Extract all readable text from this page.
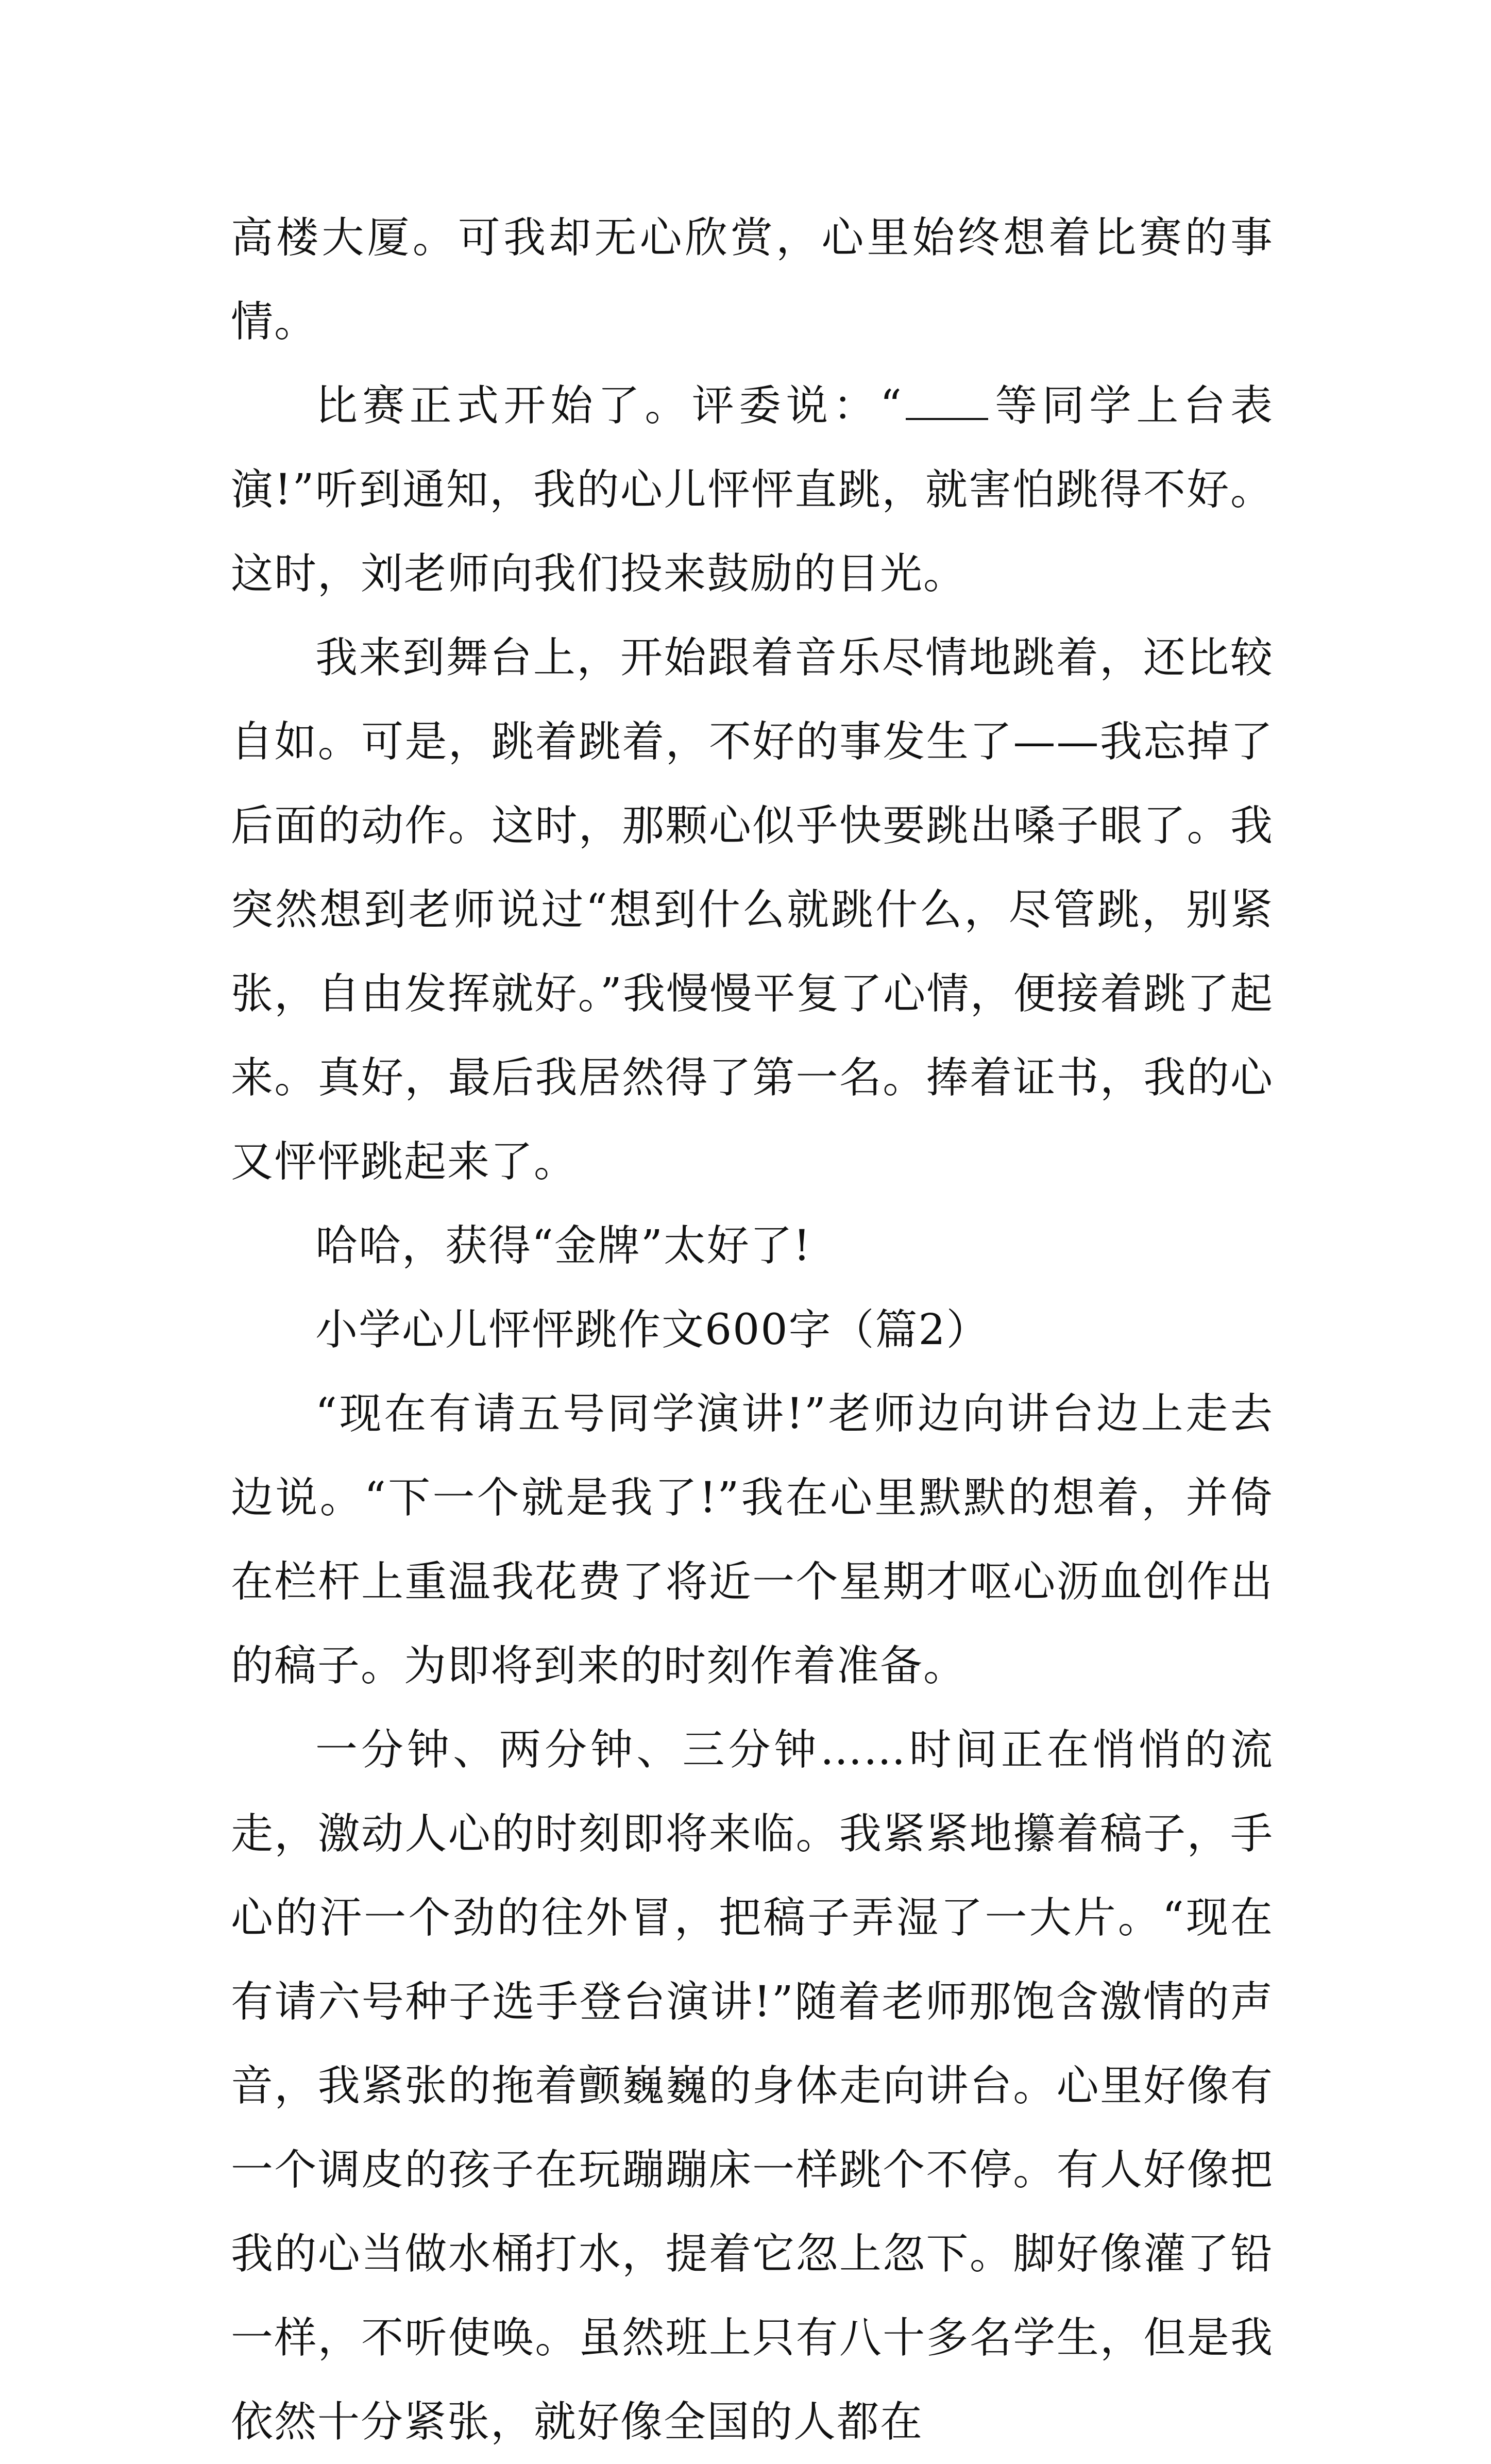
高楼大厦。可我却无心欣赏，心里始终想着比赛的事情。

比赛正式开始了。评委说：“ 等同学上台表演!”听到通知，我的心儿怦怦直跳，就害怕跳得不好。这时，刘老师向我们投来鼓励的目光。

我来到舞台上，开始跟着音乐尽情地跳着，还比较自如。可是，跳着跳着，不好的事发生了——我忘掉了后面的动作。这时，那颗心似乎快要跳出嗓子眼了。我突然想到老师说过“想到什么就跳什么，尽管跳，别紧张，自由发挥就好。”我慢慢平复了心情，便接着跳了起来。真好，最后我居然得了第一名。捧着证书，我的心又怦怦跳起来了。

哈哈，获得“金牌”太好了!

小学心儿怦怦跳作文600字（篇2）

“现在有请五号同学演讲!”老师边向讲台边上走去边说。“下一个就是我了!”我在心里默默的想着，并倚在栏杆上重温我花费了将近一个星期才呕心沥血创作出的稿子。为即将到来的时刻作着准备。

一分钟、两分钟、三分钟……时间正在悄悄的流走，激动人心的时刻即将来临。我紧紧地攥着稿子，手心的汗一个劲的往外冒，把稿子弄湿了一大片。“现在有请六号种子选手登台演讲!”随着老师那饱含激情的声音，我紧张的拖着颤巍巍的身体走向讲台。心里好像有一个调皮的孩子在玩蹦蹦床一样跳个不停。有人好像把我的心当做水桶打水，提着它忽上忽下。脚好像灌了铅一样，不听使唤。虽然班上只有八十多名学生，但是我依然十分紧张，就好像全国的人都在
